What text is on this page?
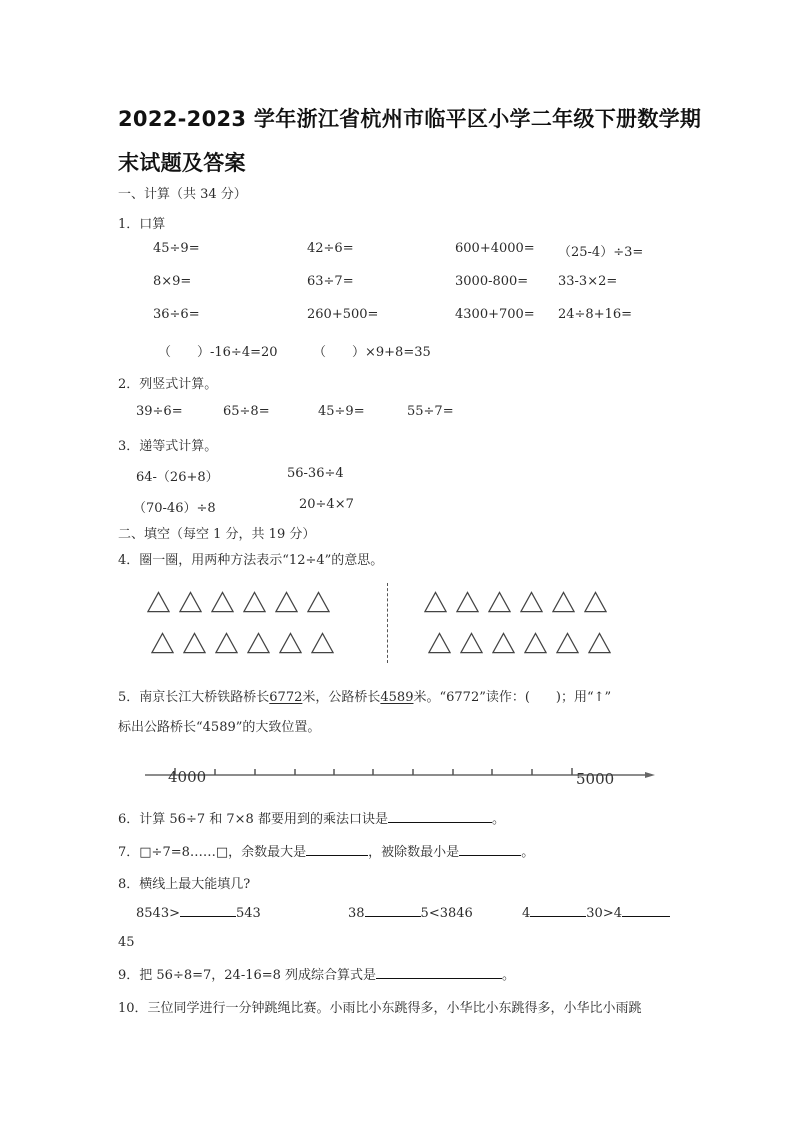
2022-2023 学年浙江省杭州市临平区小学二年级下册数学期
末试题及答案
一、计算（共 34 分）
1．口算
45÷9=	42÷6=	600+4000= （25-4）÷3=
8×9=	63÷7=	3000-800= 33-3×2=
36÷6=	260+500=	4300+700= 24÷8+16=
（　　）-16÷4=20	（　　）×9+8=35
2．列竖式计算。
39÷6=	65÷8=	45÷9=	55÷7=
3．递等式计算。
64-（26+8）	56-36÷4
（70-46）÷8	20÷4×7
二、填空（每空 1 分，共 19 分）
4．圈一圈，用两种方法表示“12÷4”的意思。
5．南京长江大桥铁路桥长6772米，公路桥长4589米。“6772”读作：(　　)；用“↑”
标出公路桥长“4589”的大致位置。
4000	5000
6．计算 56÷7 和 7×8 都要用到的乘法口诀是	。
7．□÷7=8……□，余数最大是	，被除数最小是	。
8．横线上最大能填几?
8543>	543	38	5<3846	4	30>4
45
9．把 56÷8=7，24-16=8 列成综合算式是	。
10．三位同学进行一分钟跳绳比赛。小雨比小东跳得多，小华比小东跳得多，小华比小雨跳
